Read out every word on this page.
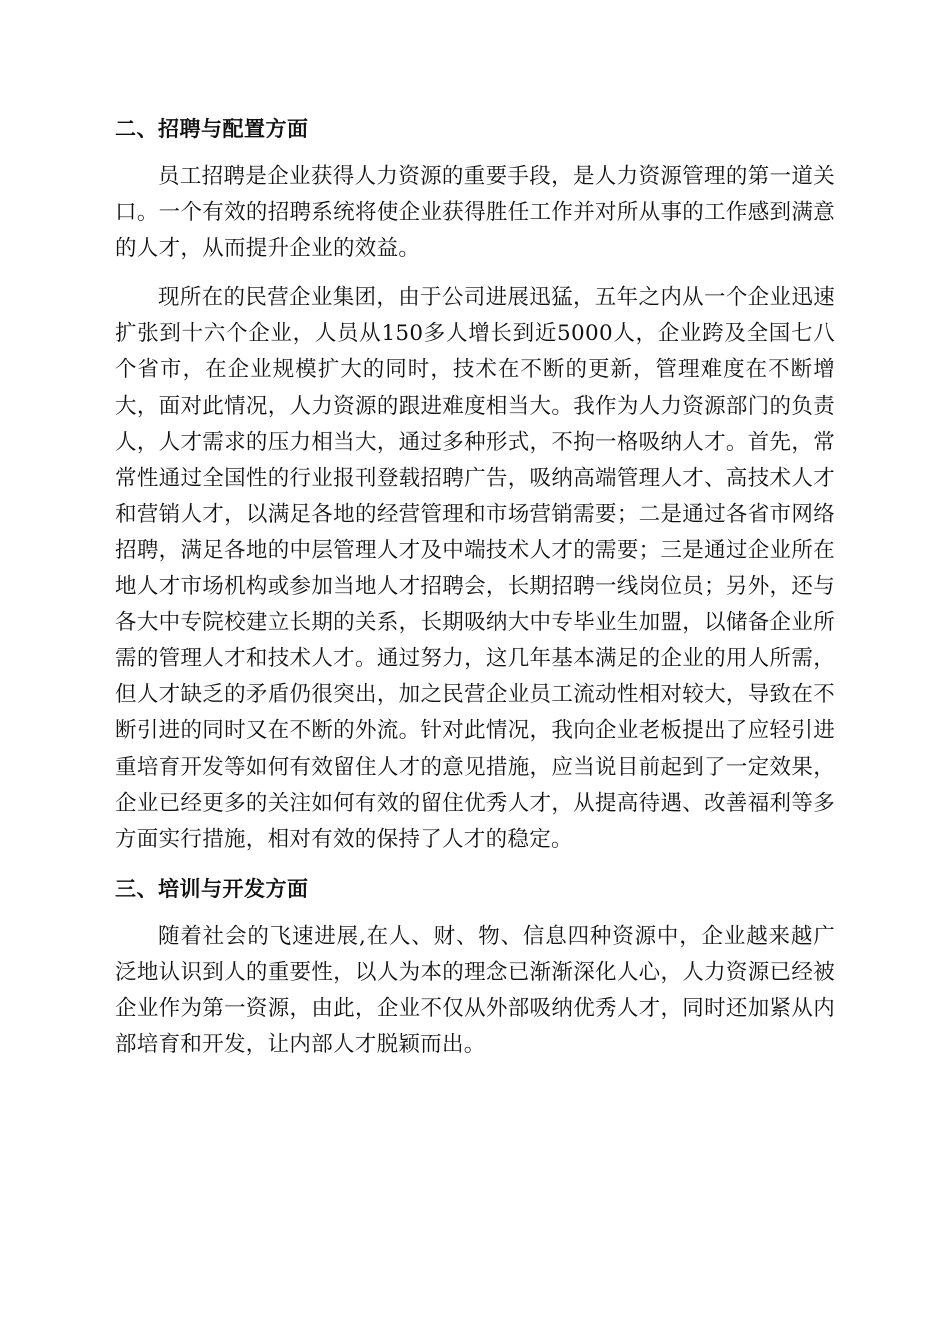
二、招聘与配置方面

员工招聘是企业获得人力资源的重要手段，是人力资源管理的第一道关口。一个有效的招聘系统将使企业获得胜任工作并对所从事的工作感到满意的人才，从而提升企业的效益。

现所在的民营企业集团，由于公司进展迅猛，五年之内从一个企业迅速扩张到十六个企业，人员从150多人增长到近5000人，企业跨及全国七八个省市，在企业规模扩大的同时，技术在不断的更新，管理难度在不断增大，面对此情况，人力资源的跟进难度相当大。我作为人力资源部门的负责人，人才需求的压力相当大，通过多种形式，不拘一格吸纳人才。首先，常常性通过全国性的行业报刊登载招聘广告，吸纳高端管理人才、高技术人才和营销人才，以满足各地的经营管理和市场营销需要；二是通过各省市网络招聘，满足各地的中层管理人才及中端技术人才的需要；三是通过企业所在地人才市场机构或参加当地人才招聘会，长期招聘一线岗位员；另外，还与各大中专院校建立长期的关系，长期吸纳大中专毕业生加盟，以储备企业所需的管理人才和技术人才。通过努力，这几年基本满足的企业的用人所需，但人才缺乏的矛盾仍很突出，加之民营企业员工流动性相对较大，导致在不断引进的同时又在不断的外流。针对此情况，我向企业老板提出了应轻引进重培育开发等如何有效留住人才的意见措施，应当说目前起到了一定效果，企业已经更多的关注如何有效的留住优秀人才，从提高待遇、改善福利等多方面实行措施，相对有效的保持了人才的稳定。

三、培训与开发方面

随着社会的飞速进展,在人、财、物、信息四种资源中，企业越来越广泛地认识到人的重要性，以人为本的理念已渐渐深化人心，人力资源已经被企业作为第一资源，由此，企业不仅从外部吸纳优秀人才，同时还加紧从内部培育和开发，让内部人才脱颖而出。
